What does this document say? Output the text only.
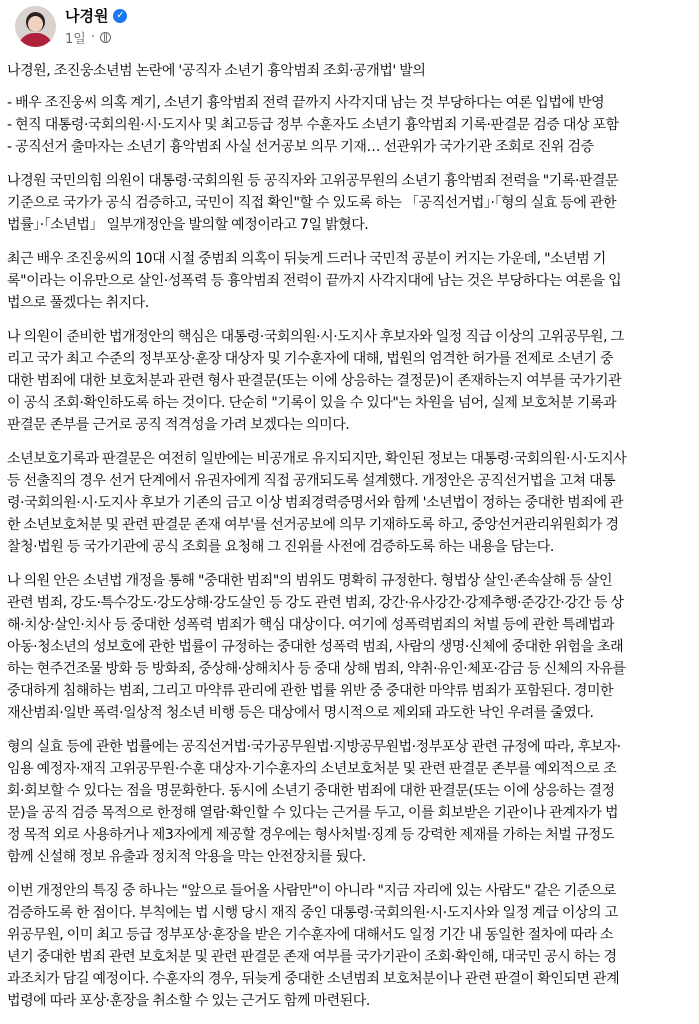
나경원 ✓
1일 ·
나경원, 조진웅소년범 논란에 '공직자 소년기 흉악범죄 조회·공개법' 발의
- 배우 조진웅씨 의혹 계기, 소년기 흉악범죄 전력 끝까지 사각지대 남는 것 부당하다는 여론 입법에 반영
- 현직 대통령·국회의원·시·도지사 및 최고등급 정부 수훈자도 소년기 흉악범죄 기록·판결문 검증 대상 포함
- 공직선거 출마자는 소년기 흉악범죄 사실 선거공보 의무 기재… 선관위가 국가기관 조회로 진위 검증
나경원 국민의힘 의원이 대통령·국회의원 등 공직자와 고위공무원의 소년기 흉악범죄 전력을 "기록·판결문
기준으로 국가가 공식 검증하고, 국민이 직접 확인"할 수 있도록 하는 「공직선거법」·「형의 실효 등에 관한
법률」·「소년법」 일부개정안을 발의할 예정이라고 7일 밝혔다.
최근 배우 조진웅씨의 10대 시절 중범죄 의혹이 뒤늦게 드러나 국민적 공분이 커지는 가운데, "소년범 기
록"이라는 이유만으로 살인·성폭력 등 흉악범죄 전력이 끝까지 사각지대에 남는 것은 부당하다는 여론을 입
법으로 풀겠다는 취지다.
나 의원이 준비한 법개정안의 핵심은 대통령·국회의원·시·도지사 후보자와 일정 직급 이상의 고위공무원, 그
리고 국가 최고 수준의 정부포상·훈장 대상자 및 기수훈자에 대해, 법원의 엄격한 허가를 전제로 소년기 중
대한 범죄에 대한 보호처분과 관련 형사 판결문(또는 이에 상응하는 결정문)이 존재하는지 여부를 국가기관
이 공식 조회·확인하도록 하는 것이다. 단순히 "기록이 있을 수 있다"는 차원을 넘어, 실제 보호처분 기록과
판결문 존부를 근거로 공직 적격성을 가려 보겠다는 의미다.
소년보호기록과 판결문은 여전히 일반에는 비공개로 유지되지만, 확인된 정보는 대통령·국회의원·시·도지사
등 선출직의 경우 선거 단계에서 유권자에게 직접 공개되도록 설계했다. 개정안은 공직선거법을 고쳐 대통
령·국회의원·시·도지사 후보가 기존의 금고 이상 범죄경력증명서와 함께 '소년법이 정하는 중대한 범죄에 관
한 소년보호처분 및 관련 판결문 존재 여부'를 선거공보에 의무 기재하도록 하고, 중앙선거관리위원회가 경
찰청·법원 등 국가기관에 공식 조회를 요청해 그 진위를 사전에 검증하도록 하는 내용을 담는다.
나 의원 안은 소년법 개정을 통해 "중대한 범죄"의 범위도 명확히 규정한다. 형법상 살인·존속살해 등 살인
관련 범죄, 강도·특수강도·강도상해·강도살인 등 강도 관련 범죄, 강간·유사강간·강제추행·준강간·강간 등 상
해·치상·살인·치사 등 중대한 성폭력 범죄가 핵심 대상이다. 여기에 성폭력범죄의 처벌 등에 관한 특례법과
아동·청소년의 성보호에 관한 법률이 규정하는 중대한 성폭력 범죄, 사람의 생명·신체에 중대한 위험을 초래
하는 현주건조물 방화 등 방화죄, 중상해·상해치사 등 중대 상해 범죄, 약취·유인·체포·감금 등 신체의 자유를
중대하게 침해하는 범죄, 그리고 마약류 관리에 관한 법률 위반 중 중대한 마약류 범죄가 포함된다. 경미한
재산범죄·일반 폭력·일상적 청소년 비행 등은 대상에서 명시적으로 제외돼 과도한 낙인 우려를 줄였다.
형의 실효 등에 관한 법률에는 공직선거법·국가공무원법·지방공무원법·정부포상 관련 규정에 따라, 후보자·
임용 예정자·재직 고위공무원·수훈 대상자·기수훈자의 소년보호처분 및 관련 판결문 존부를 예외적으로 조
회·회보할 수 있다는 점을 명문화한다. 동시에 소년기 중대한 범죄에 대한 판결문(또는 이에 상응하는 결정
문)을 공직 검증 목적으로 한정해 열람·확인할 수 있다는 근거를 두고, 이를 회보받은 기관이나 관계자가 법
정 목적 외로 사용하거나 제3자에게 제공할 경우에는 형사처벌·징계 등 강력한 제재를 가하는 처벌 규정도
함께 신설해 정보 유출과 정치적 악용을 막는 안전장치를 뒀다.
이번 개정안의 특징 중 하나는 "앞으로 들어올 사람만"이 아니라 "지금 자리에 있는 사람도" 같은 기준으로
검증하도록 한 점이다. 부칙에는 법 시행 당시 재직 중인 대통령·국회의원·시·도지사와 일정 계급 이상의 고
위공무원, 이미 최고 등급 정부포상·훈장을 받은 기수훈자에 대해서도 일정 기간 내 동일한 절차에 따라 소
년기 중대한 범죄 관련 보호처분 및 관련 판결문 존재 여부를 국가기관이 조회·확인해, 대국민 공시 하는 경
과조치가 담길 예정이다. 수훈자의 경우, 뒤늦게 중대한 소년범죄 보호처분이나 관련 판결이 확인되면 관계
법령에 따라 포상·훈장을 취소할 수 있는 근거도 함께 마련된다.
